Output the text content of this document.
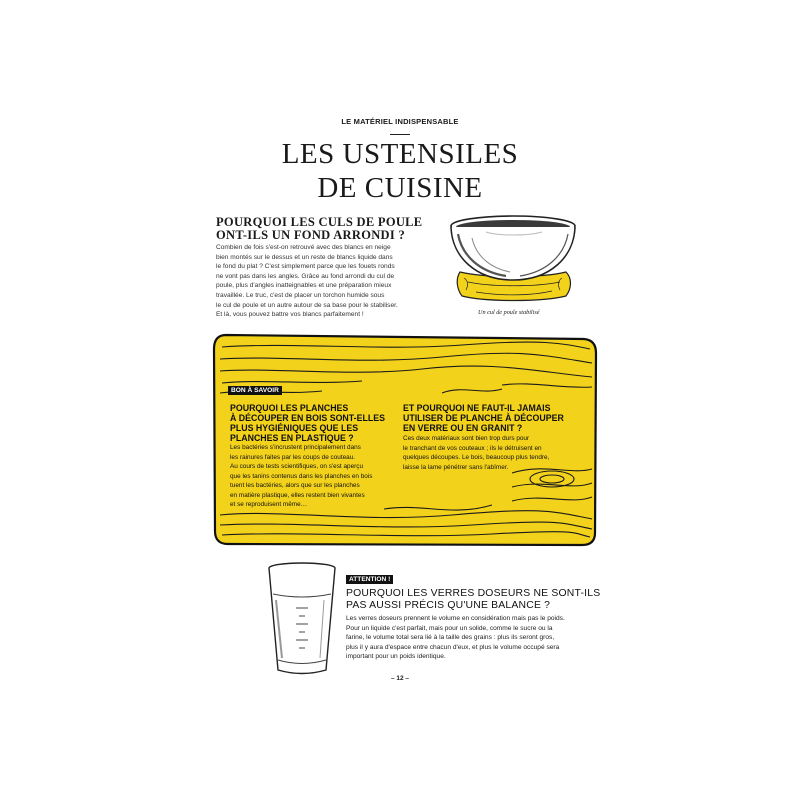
LE MATÉRIEL INDISPENSABLE
LES USTENSILES
DE CUISINE
POURQUOI LES CULS DE POULE
ONT-ILS UN FOND ARRONDI ?
Combien de fois s'est-on retrouvé avec des blancs en neige
bien montés sur le dessus et un reste de blancs liquide dans
le fond du plat ? C'est simplement parce que les fouets ronds
ne vont pas dans les angles. Grâce au fond arrondi du cul de
poule, plus d'angles inatteignables et une préparation mieux
travaillée. Le truc, c'est de placer un torchon humide sous
le cul de poule et un autre autour de sa base pour le stabiliser.
Et là, vous pouvez battre vos blancs parfaitement !	Un cul de poule stabilisé
BON À SAVOIR
POURQUOI LES PLANCHES
À DÉCOUPER EN BOIS SONT-ELLES
PLUS HYGIÉNIQUES QUE LES
PLANCHES EN PLASTIQUE ?
Les bactéries s'incrustent principalement dans
les rainures faites par les coups de couteau.
Au cours de tests scientifiques, on s'est aperçu
que les tanins contenus dans les planches en bois
tuent les bactéries, alors que sur les planches
en matière plastique, elles restent bien vivantes
et se reproduisent même…
ET POURQUOI NE FAUT-IL JAMAIS
UTILISER DE PLANCHE À DÉCOUPER
EN VERRE OU EN GRANIT ?
Ces deux matériaux sont bien trop durs pour
le tranchant de vos couteaux ; ils le détruisent en
quelques découpes. Le bois, beaucoup plus tendre,
laisse la lame pénétrer sans l'abîmer.
ATTENTION !
POURQUOI LES VERRES DOSEURS NE SONT-ILS
PAS AUSSI PRÉCIS QU'UNE BALANCE ?
Les verres doseurs prennent le volume en considération mais pas le poids.
Pour un liquide c'est parfait, mais pour un solide, comme le sucre ou la
farine, le volume total sera lié à la taille des grains : plus ils seront gros,
plus il y aura d'espace entre chacun d'eux, et plus le volume occupé sera
important pour un poids identique.
– 12 –
